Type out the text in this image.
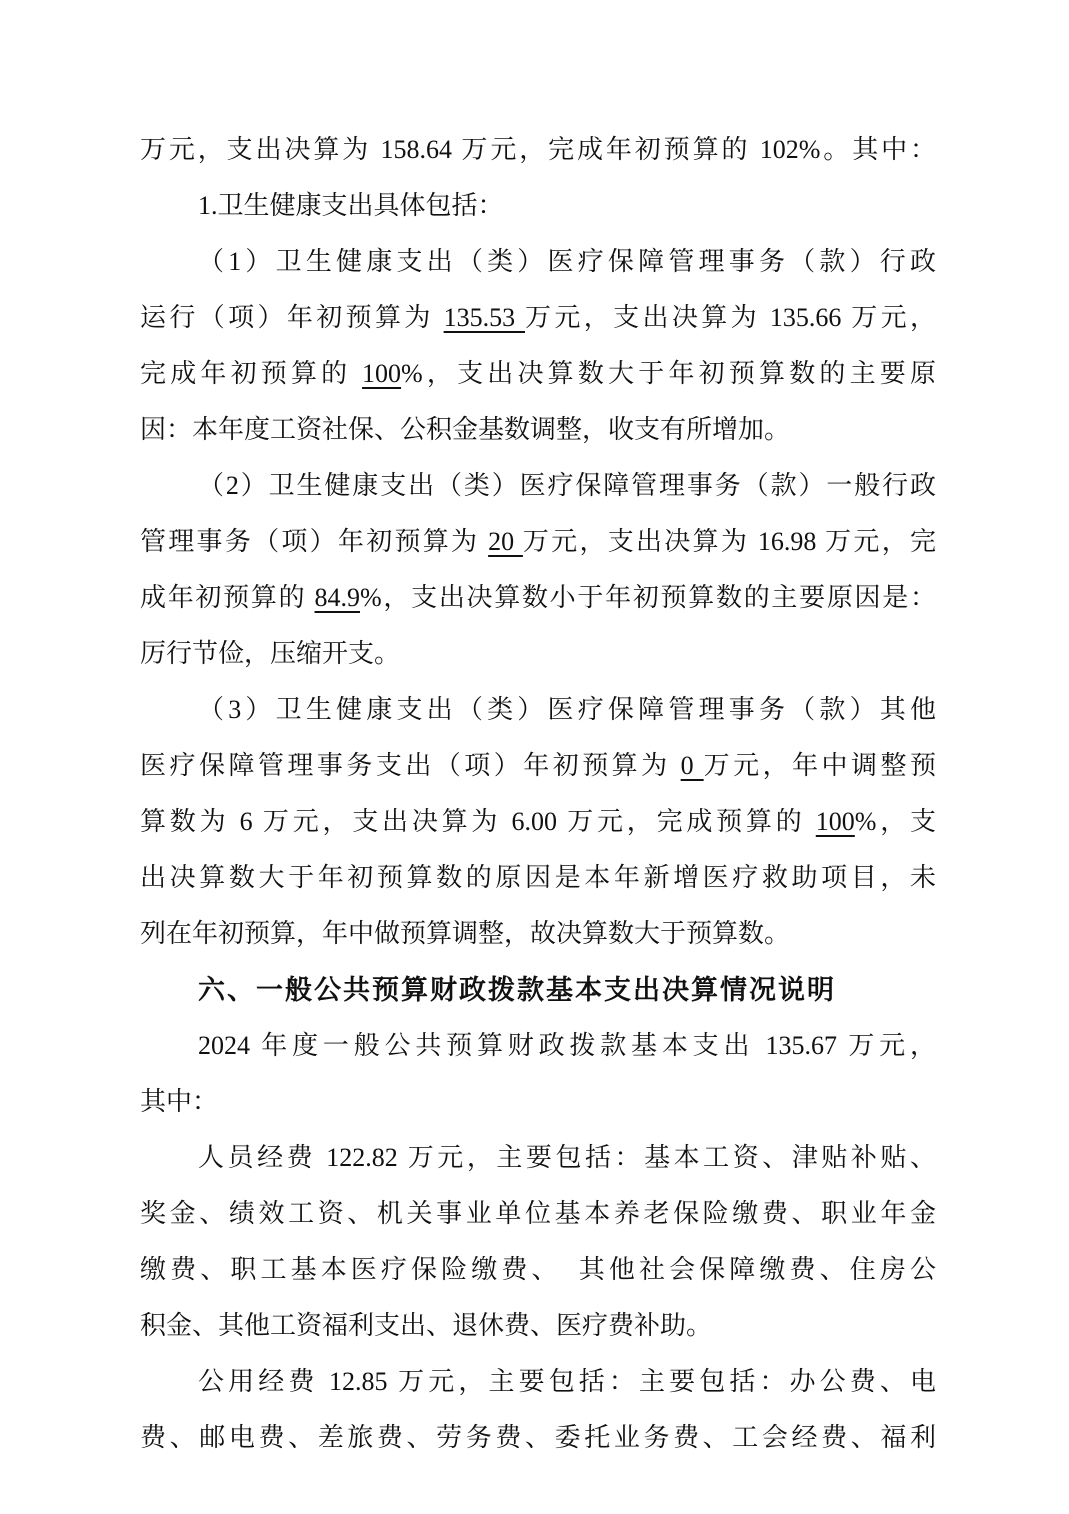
万元，支出决算为 158.64 万元，完成年初预算的 102%。其中：
1.卫生健康支出具体包括：
（1）卫生健康支出（类）医疗保障管理事务（款）行政
运行（项）年初预算为 135.53 万元，支出决算为 135.66 万元，
完成年初预算的 100%，支出决算数大于年初预算数的主要原
因：本年度工资社保、公积金基数调整，收支有所增加。
（2）卫生健康支出（类）医疗保障管理事务（款）一般行政
管理事务（项）年初预算为 20 万元，支出决算为 16.98 万元，完
成年初预算的 84.9%，支出决算数小于年初预算数的主要原因是：
厉行节俭，压缩开支。
（3）卫生健康支出（类）医疗保障管理事务（款）其他
医疗保障管理事务支出（项）年初预算为 0 万元，年中调整预
算数为 6 万元，支出决算为 6.00 万元，完成预算的 100%，支
出决算数大于年初预算数的原因是本年新增医疗救助项目，未
列在年初预算，年中做预算调整，故决算数大于预算数。
六、一般公共预算财政拨款基本支出决算情况说明
2024 年度一般公共预算财政拨款基本支出 135.67 万元，
其中：
人员经费 122.82 万元，主要包括：基本工资、津贴补贴、
奖金、绩效工资、机关事业单位基本养老保险缴费、职业年金
缴费、职工基本医疗保险缴费、　其他社会保障缴费、住房公
积金、其他工资福利支出、退休费、医疗费补助。
公用经费 12.85 万元，主要包括：主要包括：办公费、电
费、邮电费、差旅费、劳务费、委托业务费、工会经费、福利
